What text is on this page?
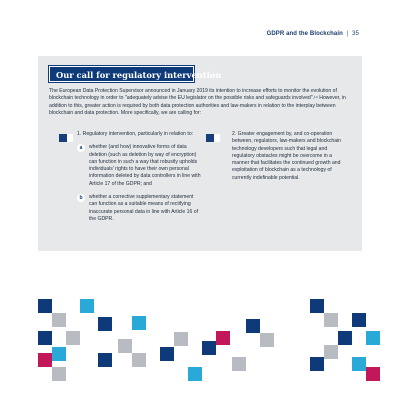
GDPR and the Blockchain | 35
Our call for regulatory intervention
The European Data Protection Supervisor announced in January 2019 its intention to increase efforts to monitor the evolution of blockchain technology in order to "adequately advise the EU legislator on the possible risks and safeguards involved".¹⁴ However, in addition to this, greater action is required by both data protection authorities and law-makers in relation to the interplay between blockchain and data protection. More specifically, we are calling for:
1. Regulatory intervention, particularly in relation to:
a	whether (and how) innovative forms of data deletion (such as deletion by way of encryption) can function in such a way that robustly upholds individuals' rights to have their own personal information deleted by data controllers in line with Article 17 of the GDPR; and
b	whether a corrective supplementary statement can function as a suitable means of rectifying inaccurate personal data in line with Article 16 of the GDPR.
2. Greater engagement by, and co-operation between, regulators, law-makers and blockchain technology developers such that legal and regulatory obstacles might be overcome in a manner that facilitates the continued growth and exploitation of blockchain as a technology of currently indefinable potential.
